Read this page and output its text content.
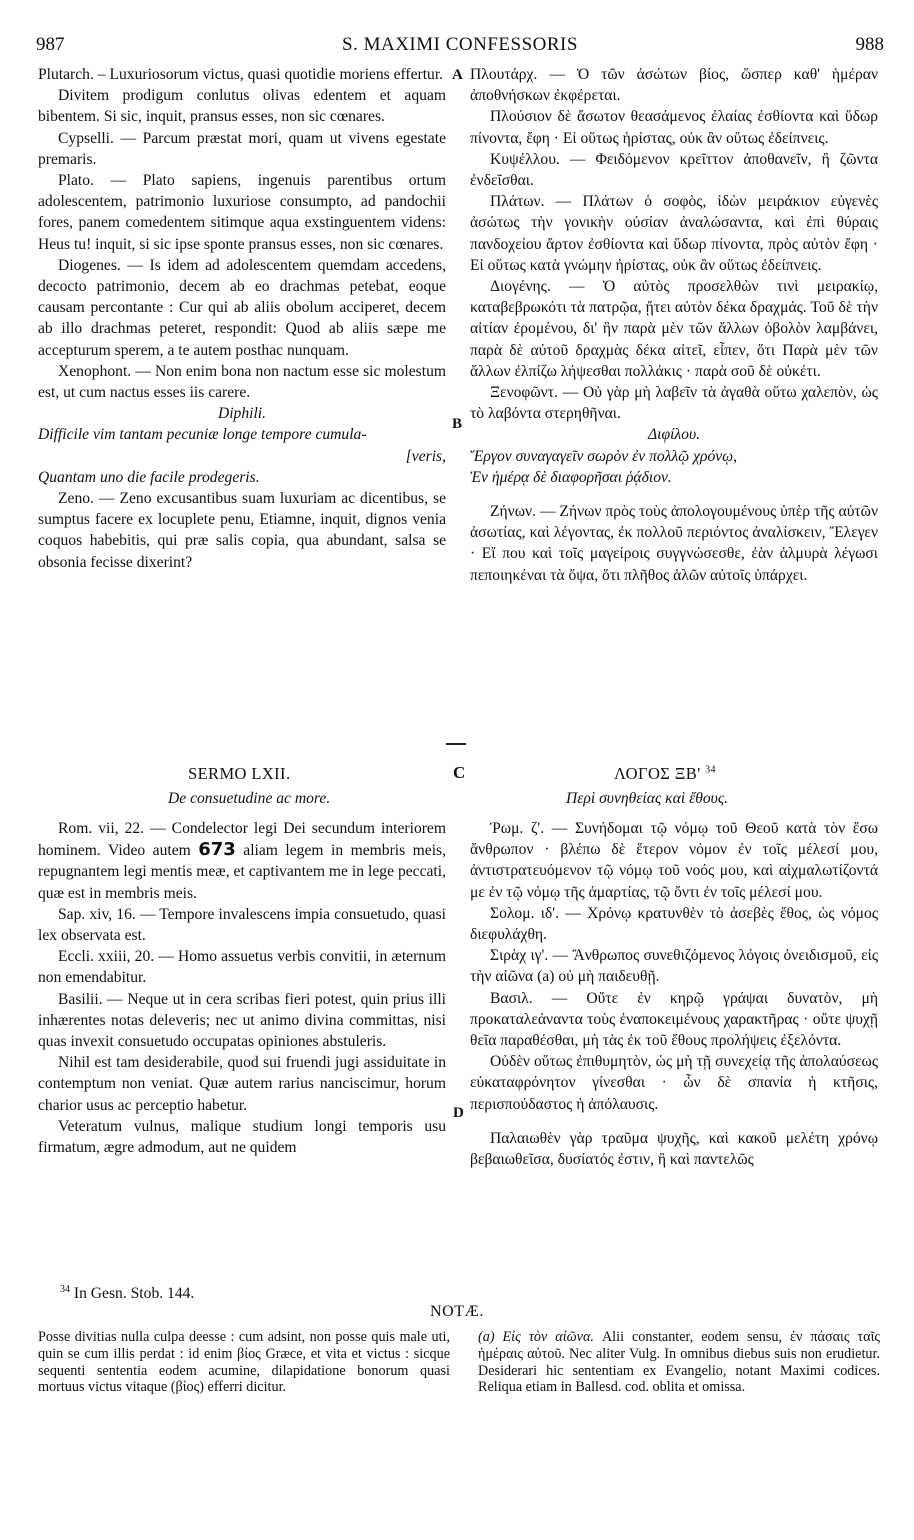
987	S. MAXIMI CONFESSORIS	988
A
B
C
D

Plutarch. – Luxuriosorum victus, quasi quotidie moriens effertur.

Divitem prodigum conlutus olivas edentem et aquam bibentem. Si sic, inquit, pransus esses, non sic cœnares.

Cypselli. — Parcum præstat mori, quam ut vivens egestate premaris.

Plato. — Plato sapiens, ingenuis parentibus ortum adolescentem, patrimonio luxuriose consumpto, ad pandochii fores, panem comedentem sitimque aqua exstinguentem videns: Heus tu! inquit, si sic ipse sponte pransus esses, non sic cœnares.

Diogenes. — Is idem ad adolescentem quemdam accedens, decocto patrimonio, decem ab eo drachmas petebat, eoque causam percontante : Cur qui ab aliis obolum acciperet, decem ab illo drachmas peteret, respondit: Quod ab aliis sæpe me accepturum sperem, a te autem posthac nunquam.

Xenophont. — Non enim bona non nactum esse sic molestum est, ut cum nactus esses iis carere.

Diphili.

Difficile vim tantam pecuniæ longe tempore cumula-

[veris,

Quantam uno die facile prodegeris.

Zeno. — Zeno excusantibus suam luxuriam ac dicentibus, se sumptus facere ex locuplete penu, Etiamne, inquit, dignos venia coquos habebitis, qui præ salis copia, qua abundant, salsa se obsonia fecisse dixerint?

Πλουτάρχ. — Ὁ τῶν ἀσώτων βίος, ὥσπερ καθ' ἡμέραν ἀποθνήσκων ἐκφέρεται.

Πλούσιον δὲ ἄσωτον θεασάμενος ἐλαίας ἐσθίοντα καὶ ὕδωρ πίνοντα, ἔφη · Εἰ οὕτως ἠρίστας, οὐκ ἂν οὕτως ἐδείπνεις.

Κυψέλλου. — Φειδόμενον κρεῖττον ἀποθανεῖν, ἢ ζῶντα ἐνδεῖσθαι.

Πλάτων. — Πλάτων ὁ σοφὸς, ἰδὼν μειράκιον εὐγενὲς ἀσώτως τὴν γονικὴν οὐσίαν ἀναλώσαντα, καὶ ἐπὶ θύραις πανδοχείου ἄρτον ἐσθίοντα καὶ ὕδωρ πίνοντα, πρὸς αὐτὸν ἔφη · Εἰ οὕτως κατὰ γνώμην ἠρίστας, οὐκ ἂν οὕτως ἐδείπνεις.

Διογένης. — Ὁ αὐτὸς προσελθὼν τινὶ μειρακίῳ, καταβεβρωκότι τὰ πατρῷα, ᾔτει αὐτὸν δέκα δραχμάς. Τοῦ δὲ τὴν αἰτίαν ἐρομένου, δι' ἣν παρὰ μὲν τῶν ἄλλων ὀβολὸν λαμβάνει, παρὰ δὲ αὐτοῦ δραχμὰς δέκα αἰτεῖ, εἶπεν, ὅτι Παρὰ μὲν τῶν ἄλλων ἐλπίζω λήψεσθαι πολλάκις · παρὰ σοῦ δὲ οὐκέτι.

Ξενοφῶντ. — Οὐ γὰρ μὴ λαβεῖν τὰ ἀγαθὰ οὕτω χαλεπὸν, ὡς τὸ λαβόντα στερηθῆναι.

Διφίλου.

Ἔργον συναγαγεῖν σωρὸν ἐν πολλῷ χρόνῳ,

Ἐν ἡμέρᾳ δὲ διαφορῆσαι ῥᾴδιον.

Ζήνων. — Ζήνων πρὸς τοὺς ἀπολογουμένους ὑπὲρ τῆς αὐτῶν ἀσωτίας, καὶ λέγοντας, ἐκ πολλοῦ περιόντος ἀναλίσκειν, Ἔλεγεν · Εἴ που καὶ τοῖς μαγείροις συγγνώσεσθε, ἐὰν ἁλμυρὰ λέγωσι πεποιηκέναι τὰ ὄψα, ὅτι πλῆθος ἁλῶν αὐτοῖς ὑπάρχει.

SERMO LXII.
De consuetudine ac more.
ΛΟΓΟΣ ΞΒ' $^{34}$
Περὶ συνηθείας καὶ ἔθους.

Rom. vii, 22. — Condelector legi Dei secundum interiorem hominem. Video autem 673 aliam legem in membris meis, repugnantem legi mentis meæ, et captivantem me in lege peccati, quæ est in membris meis.

Sap. xiv, 16. — Tempore invalescens impia consuetudo, quasi lex observata est.

Eccli. xxiii, 20. — Homo assuetus verbis convitii, in æternum non emendabitur.

Basilii. — Neque ut in cera scribas fieri potest, quin prius illi inhærentes notas deleveris; nec ut animo divina committas, nisi quas invexit consuetudo occupatas opiniones abstuleris.

Nihil est tam desiderabile, quod sui fruendi jugi assiduitate in contemptum non veniat. Quæ autem rarius nanciscimur, horum charior usus ac perceptio habetur.

Veteratum vulnus, malique studium longi temporis usu firmatum, ægre admodum, aut ne quidem

Ῥωμ. ζ'. — Συνήδομαι τῷ νόμῳ τοῦ Θεοῦ κατὰ τὸν ἔσω ἄνθρωπον · βλέπω δὲ ἕτερον νόμον ἐν τοῖς μέλεσί μου, ἀντιστρατευόμενον τῷ νόμῳ τοῦ νοός μου, καὶ αἰχμαλωτίζοντά με ἐν τῷ νόμῳ τῆς ἁμαρτίας, τῷ ὄντι ἐν τοῖς μέλεσί μου.

Σολομ. ιδ'. — Χρόνῳ κρατυνθὲν τὸ ἀσεβὲς ἔθος, ὡς νόμος διεφυλάχθη.

Σιρὰχ ιγ'. — Ἄνθρωπος συνεθιζόμενος λόγοις ὀνειδισμοῦ, εἰς τὴν αἰῶνα (a) οὐ μὴ παιδευθῇ.

Βασιλ. — Οὔτε ἐν κηρῷ γράψαι δυνατὸν, μὴ προκαταλεάναντα τοὺς ἐναποκειμένους χαρακτῆρας · οὔτε ψυχῇ θεῖα παραθέσθαι, μὴ τὰς ἐκ τοῦ ἔθους προλήψεις ἐξελόντα.

Οὐδὲν οὕτως ἐπιθυμητὸν, ὡς μὴ τῇ συνεχείᾳ τῆς ἀπολαύσεως εὐκαταφρόνητον γίνεσθαι · ὧν δὲ σπανία ἡ κτῆσις, περισπούδαστος ἡ ἀπόλαυσις.

Παλαιωθὲν γὰρ τραῦμα ψυχῆς, καὶ κακοῦ μελέτη χρόνῳ βεβαιωθεῖσα, δυσίατός ἐστιν, ἢ καὶ παντελῶς

$^{34}$ In Gesn. Stob. 144.
NOTÆ.

Posse divitias nulla culpa deesse : cum adsint, non posse quis male uti, quin se cum illis perdat : id enim βίος Græce, et vita et victus : sicque sequenti sententia eodem acumine, dilapidatione bonorum quasi mortuus victus vitaque (βίος) efferri dicitur.

(a) Εἰς τὸν αἰῶνα. Alii constanter, eodem sensu, ἐν πάσαις ταῖς ἡμέραις αὐτοῦ. Nec aliter Vulg. In omnibus diebus suis non erudietur. Desiderari hic sententiam ex Evangelio, notant Maximi codices. Reliqua etiam in Ballesd. cod. oblita et omissa.
